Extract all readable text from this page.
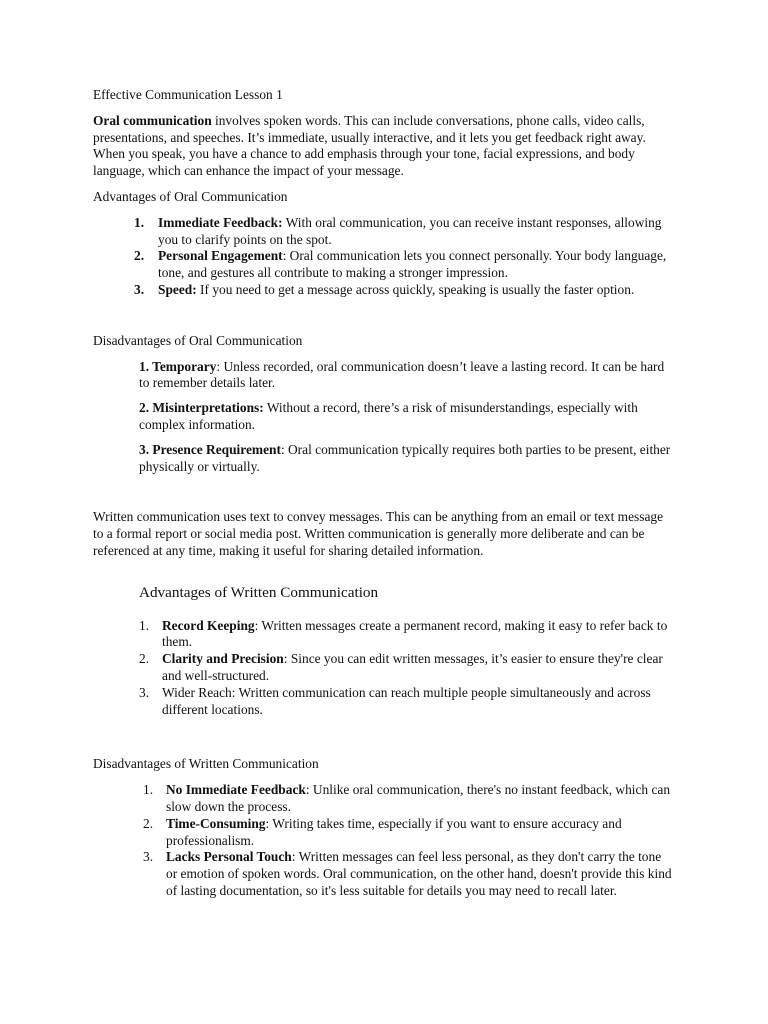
Effective Communication Lesson 1

Oral communication involves spoken words. This can include conversations, phone calls, video calls, presentations, and speeches. It’s immediate, usually interactive, and it lets you get feedback right away. When you speak, you have a chance to add emphasis through your tone, facial expressions, and body language, which can enhance the impact of your message.

Advantages of Oral Communication

1. Immediate Feedback: With oral communication, you can receive instant responses, allowing you to clarify points on the spot.
2. Personal Engagement: Oral communication lets you connect personally. Your body language, tone, and gestures all contribute to making a stronger impression.
3. Speed: If you need to get a message across quickly, speaking is usually the faster option.

Disadvantages of Oral Communication

1. Temporary: Unless recorded, oral communication doesn’t leave a lasting record. It can be hard to remember details later.

2. Misinterpretations: Without a record, there’s a risk of misunderstandings, especially with complex information.

3. Presence Requirement: Oral communication typically requires both parties to be present, either physically or virtually.

Written communication uses text to convey messages. This can be anything from an email or text message to a formal report or social media post. Written communication is generally more deliberate and can be referenced at any time, making it useful for sharing detailed information.

Advantages of Written Communication

1. Record Keeping: Written messages create a permanent record, making it easy to refer back to them.
2. Clarity and Precision: Since you can edit written messages, it’s easier to ensure they're clear and well-structured.
3. Wider Reach: Written communication can reach multiple people simultaneously and across different locations.

Disadvantages of Written Communication

1. No Immediate Feedback: Unlike oral communication, there's no instant feedback, which can slow down the process.
2. Time-Consuming: Writing takes time, especially if you want to ensure accuracy and professionalism.
3. Lacks Personal Touch: Written messages can feel less personal, as they don't carry the tone or emotion of spoken words. Oral communication, on the other hand, doesn't provide this kind of lasting documentation, so it's less suitable for details you may need to recall later.
